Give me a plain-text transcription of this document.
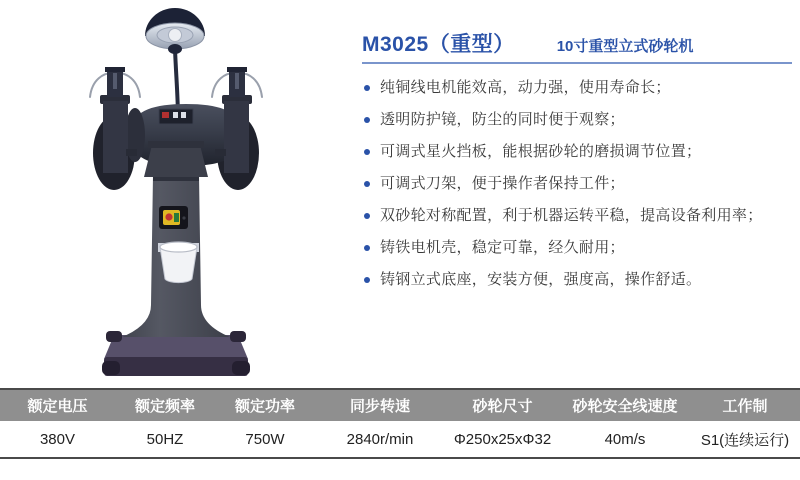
M3025（重型）	10寸重型立式砂轮机
纯铜线电机能效高，动力强，使用寿命长；
透明防护镜，防尘的同时便于观察；
可调式星火挡板，能根据砂轮的磨损调节位置；
可调式刀架，便于操作者保持工件；
双砂轮对称配置，利于机器运转平稳，提高设备利用率；
铸铁电机壳，稳定可靠，经久耐用；
铸钢立式底座，安装方便，强度高，操作舒适。
额定电压	额定频率	额定功率	同步转速	砂轮尺寸	砂轮安全线速度	工作制
380V	50HZ	750W	2840r/min	Φ250x25xΦ32	40m/s	S1(连续运行)
